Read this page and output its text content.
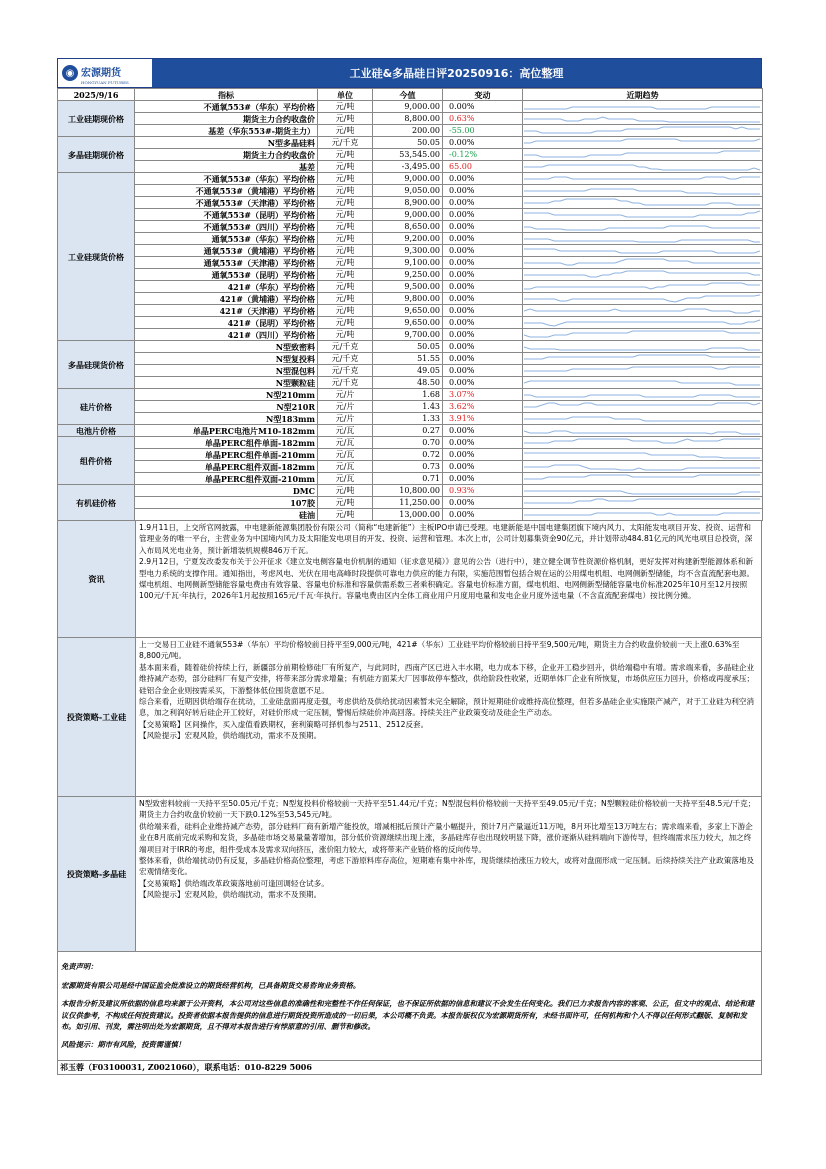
◉ 宏源期货
HONGYUAN FUTURES
工业硅&多晶硅日评20250916：高位整理
2025/9/16	指标	单位	今值	变动	近期趋势
工业硅期现价格	不通氧553#（华东）平均价格	元/吨	9,000.00	0.00%	

	期货主力合约收盘价	元/吨	8,800.00	0.63%	

	基差（华东553#-期货主力）	元/吨	200.00	-55.00	

多晶硅期现价格	N型多晶硅料	元/千克	50.05	0.00%	

	期货主力合约收盘价	元/吨	53,545.00	-0.12%	

	基差	元/吨	-3,495.00	65.00	

工业硅现货价格	不通氧553#（华东）平均价格	元/吨	9,000.00	0.00%	

	不通氧553#（黄埔港）平均价格	元/吨	9,050.00	0.00%	

	不通氧553#（天津港）平均价格	元/吨	8,900.00	0.00%	

	不通氧553#（昆明）平均价格	元/吨	9,000.00	0.00%	

	不通氧553#（四川）平均价格	元/吨	8,650.00	0.00%	

	通氧553#（华东）平均价格	元/吨	9,200.00	0.00%	

	通氧553#（黄埔港）平均价格	元/吨	9,300.00	0.00%	

	通氧553#（天津港）平均价格	元/吨	9,100.00	0.00%	

	通氧553#（昆明）平均价格	元/吨	9,250.00	0.00%	

	421#（华东）平均价格	元/吨	9,500.00	0.00%	

	421#（黄埔港）平均价格	元/吨	9,800.00	0.00%	

	421#（天津港）平均价格	元/吨	9,650.00	0.00%	

	421#（昆明）平均价格	元/吨	9,650.00	0.00%	

	421#（四川）平均价格	元/吨	9,700.00	0.00%	

多晶硅现货价格	N型致密料	元/千克	50.05	0.00%	

	N型复投料	元/千克	51.55	0.00%	

	N型混包料	元/千克	49.05	0.00%	

	N型颗粒硅	元/千克	48.50	0.00%	

硅片价格	N型210mm	元/片	1.68	3.07%	

	N型210R	元/片	1.43	3.62%	

	N型183mm	元/片	1.33	3.91%	

电池片价格	单晶PERC电池片M10-182mm	元/瓦	0.27	0.00%	

组件价格	单晶PERC组件单面-182mm	元/瓦	0.70	0.00%	

	单晶PERC组件单面-210mm	元/瓦	0.72	0.00%	

	单晶PERC组件双面-182mm	元/瓦	0.73	0.00%	

	单晶PERC组件双面-210mm	元/瓦	0.71	0.00%	

有机硅价格	DMC	元/吨	10,800.00	0.93%	

	107胶	元/吨	11,250.00	0.00%	

	硅油	元/吨	13,000.00	0.00%	
资讯

1.9月11日，上交所官网披露，中电建新能源集团股份有限公司（简称“电建新能”）主板IPO申请已受理。电建新能是中国电建集团旗下境内风力、太阳能发电项目开发、投资、运营和管理业务的唯一平台，主营业务为中国境内风力及太阳能发电项目的开发、投资、运营和管理。本次上市，公司计划募集资金90亿元，并计划带动484.81亿元的风光电项目总投资，深入布局风光电业务，预计新增装机规模846万千瓦。

2.9月12日，宁夏发改委发布关于公开征求《建立发电侧容量电价机制的通知（征求意见稿）》意见的公告（进行中），建立健全调节性资源价格机制，更好发挥对构建新型能源体系和新型电力系统的支撑作用。通知指出，考虑风电、光伏在用电高峰时段提供可靠电力供应的能力有限，实施范围暂包括合规在运的公用煤电机组、电网侧新型储能，均不含直流配套电源。煤电机组、电网侧新型储能容量电费由有效容量、容量电价标准和容量供需系数三者乘积确定。容量电价标准方面，煤电机组、电网侧新型储能容量电价标准2025年10月至12月按照100元/千瓦·年执行，2026年1月起按照165元/千瓦·年执行。容量电费由区内全体工商业用户月度用电量和发电企业月度外送电量（不含直流配套煤电）按比例分摊。

投资策略-工业硅

上一交易日工业硅不通氧553#（华东）平均价格较前日持平至9,000元/吨，421#（华东）工业硅平均价格较前日持平至9,500元/吨，期货主力合约收盘价较前一天上涨0.63%至8,800元/吨。

基本面来看，随着硅价持续上行，新疆部分前期检修硅厂有所复产，与此同时，西南产区已进入丰水期，电力成本下移，企业开工稳步回升，供给端稳中有增。需求端来看，多晶硅企业维持减产态势，部分硅料厂有复产安排，将带来部分需求增量；有机硅方面某大厂因事故停车整改，供给阶段性收紧，近期单体厂企业有所恢复，市场供应压力回升，价格或再度承压；硅铝合金企业则按需采买，下游整体低位囤货意愿不足。

综合来看，近期因供给端存在扰动，工业硅盘面再度走强，考虑供给及供给扰动因素暂未完全解除，预计短期硅价或维持高位整理，但若多晶硅企业实施限产减产，对于工业硅为利空消息，加之利润好转后硅企开工较好，对硅价形成一定压制，警惕后续硅价冲高回落。持续关注产业政策变动及硅企生产动态。

【交易策略】区间操作，买入虚值看跌期权，套利策略可择机参与2511、2512反套。

【风险提示】宏观风险，供给端扰动，需求不及预期。

投资策略-多晶硅

N型致密料较前一天持平至50.05元/千克；N型复投料价格较前一天持平至51.44元/千克；N型混包料价格较前一天持平至49.05元/千克；N型颗粒硅价格较前一天持平至48.5元/千克；期货主力合约收盘价较前一天下跌0.12%至53,545元/吨。

供给端来看，硅料企业维持减产态势，部分硅料厂商有新增产能投放，增减相抵后预计产量小幅提升，预计7月产量逼近11万吨，8月环比增至13万吨左右；需求端来看，多家上下游企业在8月底前完成采购和发货，多晶硅市场交易量量著增加，部分低价资源继续出现上涨，多晶硅库存也出现较明显下降，涨价逐渐从硅料端向下游传导，但终端需求压力较大，加之终端项目对于IRR的考虑，组件受成本及需求双向挤压，涨价阻力较大，或将带来产业链价格的反向传导。

整体来看，供给端扰动仍有反复，多晶硅价格高位整理，考虑下游原料库存高位，短期难有集中补库，现货继续抬涨压力较大，或将对盘面形成一定压制。后续持续关注产业政策落地及宏观情绪变化。

【交易策略】供给端改革政策落地前可逢回调轻仓试多。

【风险提示】宏观风险，供给端扰动，需求不及预期。

免责声明：

宏源期货有限公司是经中国证监会批准设立的期货经营机构，已具备期货交易咨询业务资格。

本报告分析及建议所依据的信息均来源于公开资料，本公司对这些信息的准确性和完整性不作任何保证，也不保证所依据的信息和建议不会发生任何变化。我们已力求报告内容的客观、公正，但文中的观点、结论和建议仅供参考，不构成任何投资建议。投资者依据本报告提供的信息进行期货投资所造成的一切后果，本公司概不负责。本报告版权仅为宏源期货所有，未经书面许可，任何机构和个人不得以任何形式翻版、复制和发布。如引用、刊发，需注明出处为宏源期货，且不得对本报告进行有悖原意的引用、删节和修改。

风险提示：期市有风险，投资需谨慎！

祁玉蓉（F03100031, Z0021060），联系电话：010-8229 5006
